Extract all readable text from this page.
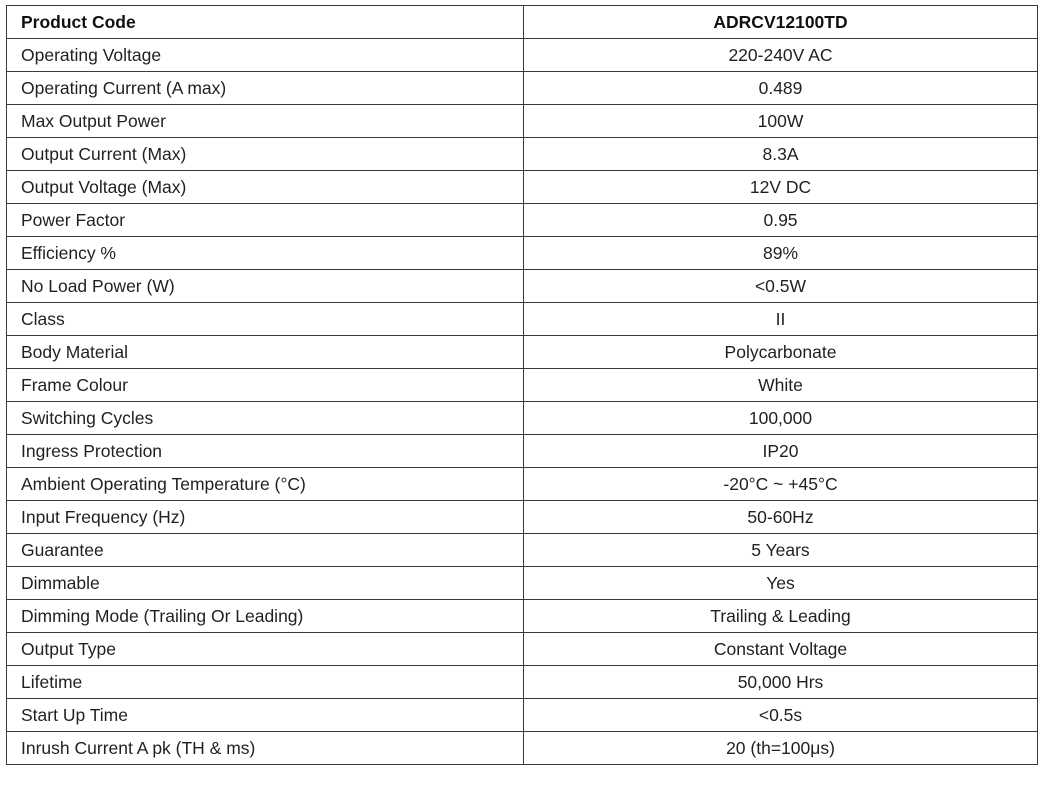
Product Code	ADRCV12100TD
Operating Voltage	220-240V AC
Operating Current (A max)	0.489
Max Output Power	100W
Output Current (Max)	8.3A
Output Voltage (Max)	12V DC
Power Factor	0.95
Efficiency %	89%
No Load Power (W)	<0.5W
Class	II
Body Material	Polycarbonate
Frame Colour	White
Switching Cycles	100,000
Ingress Protection	IP20
Ambient Operating Temperature (°C)	-20°C ~ +45°C
Input Frequency (Hz)	50-60Hz
Guarantee	5 Years
Dimmable	Yes
Dimming Mode (Trailing Or Leading)	Trailing & Leading
Output Type	Constant Voltage
Lifetime	50,000 Hrs
Start Up Time	<0.5s
Inrush Current A pk (TH & ms)	20 (th=100μs)
